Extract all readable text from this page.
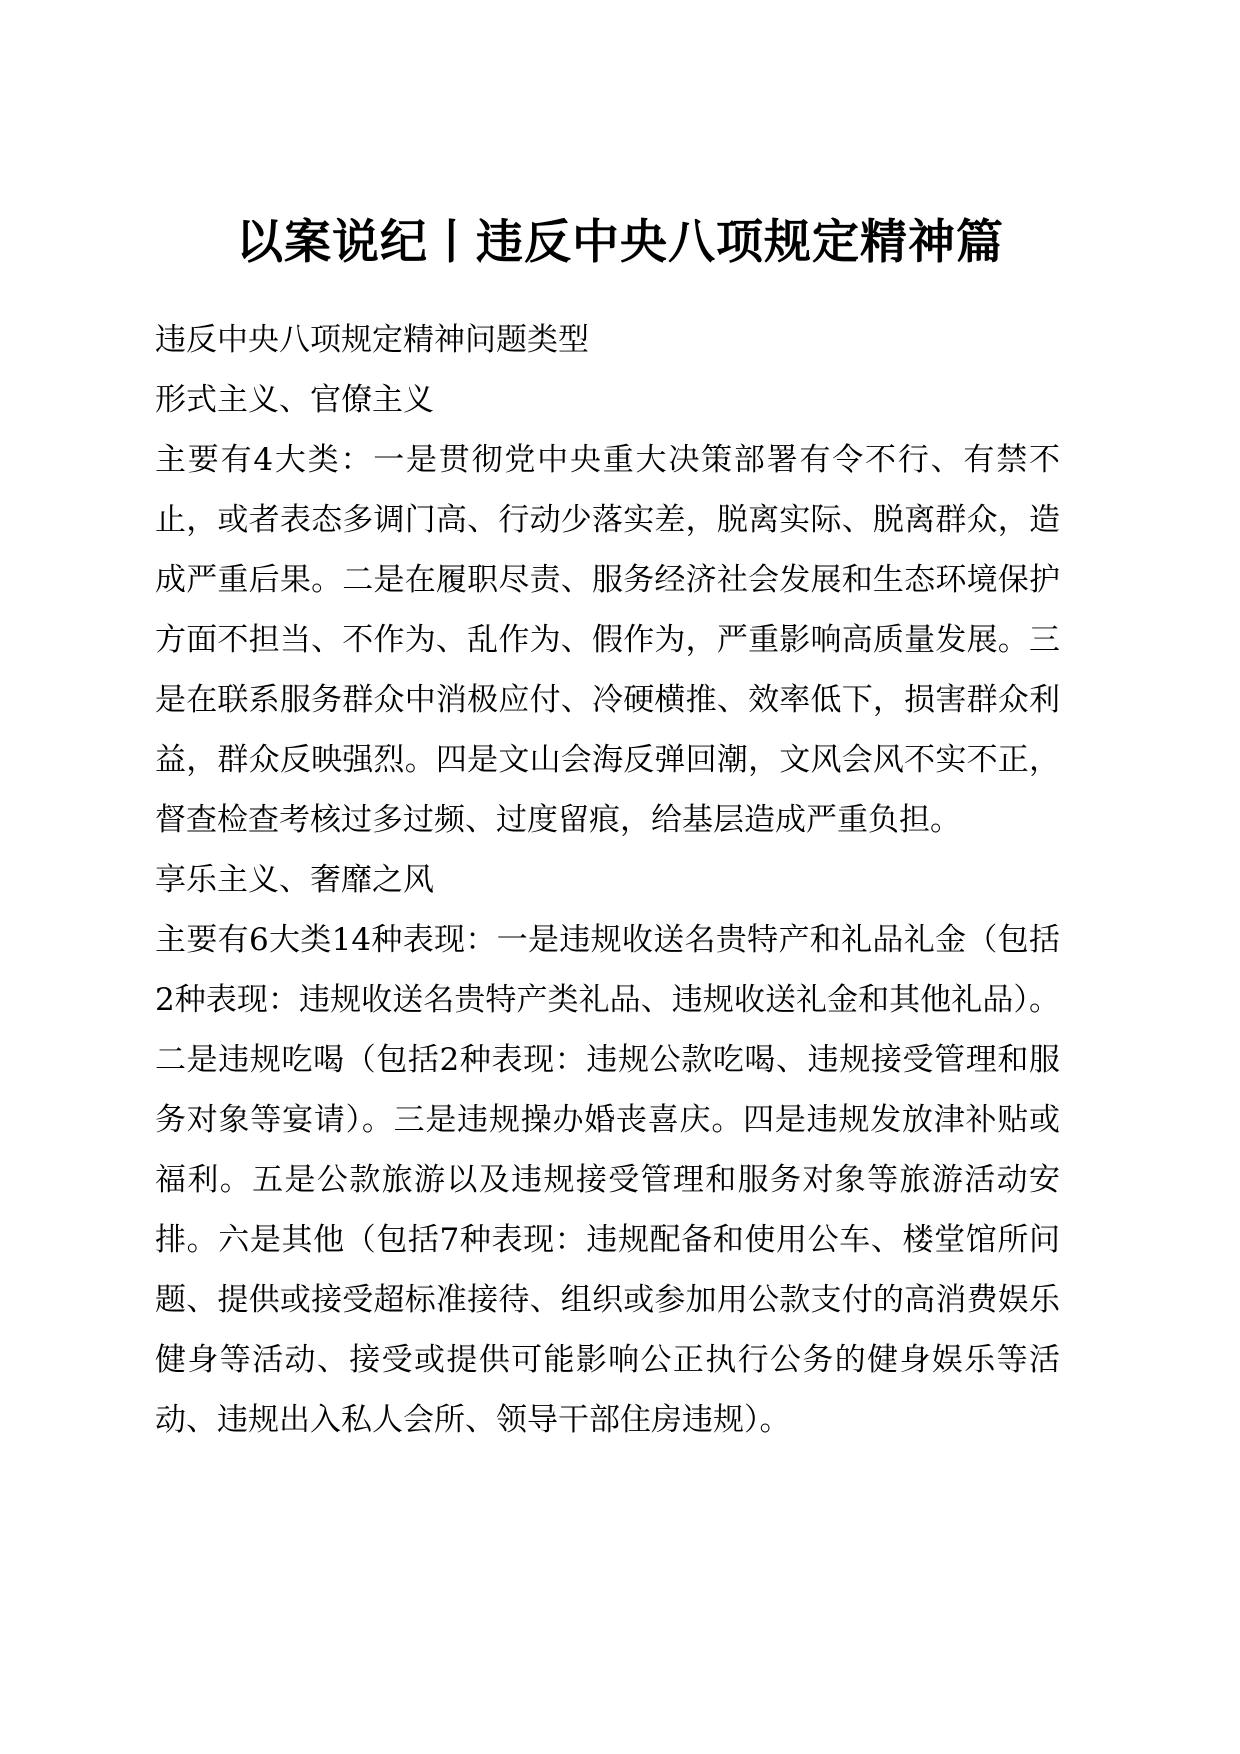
以案说纪丨违反中央八项规定精神篇

违反中央八项规定精神问题类型

形式主义、官僚主义

主要有4大类：一是贯彻党中央重大决策部署有令不行、有禁不止，或者表态多调门高、行动少落实差，脱离实际、脱离群众，造成严重后果。二是在履职尽责、服务经济社会发展和生态环境保护方面不担当、不作为、乱作为、假作为，严重影响高质量发展。三是在联系服务群众中消极应付、冷硬横推、效率低下，损害群众利益，群众反映强烈。四是文山会海反弹回潮，文风会风不实不正，督查检查考核过多过频、过度留痕，给基层造成严重负担。

享乐主义、奢靡之风

主要有6大类14种表现：一是违规收送名贵特产和礼品礼金（包括2种表现：违规收送名贵特产类礼品、违规收送礼金和其他礼品）。二是违规吃喝（包括2种表现：违规公款吃喝、违规接受管理和服务对象等宴请）。三是违规操办婚丧喜庆。四是违规发放津补贴或福利。五是公款旅游以及违规接受管理和服务对象等旅游活动安排。六是其他（包括7种表现：违规配备和使用公车、楼堂馆所问题、提供或接受超标准接待、组织或参加用公款支付的高消费娱乐健身等活动、接受或提供可能影响公正执行公务的健身娱乐等活动、违规出入私人会所、领导干部住房违规）。
